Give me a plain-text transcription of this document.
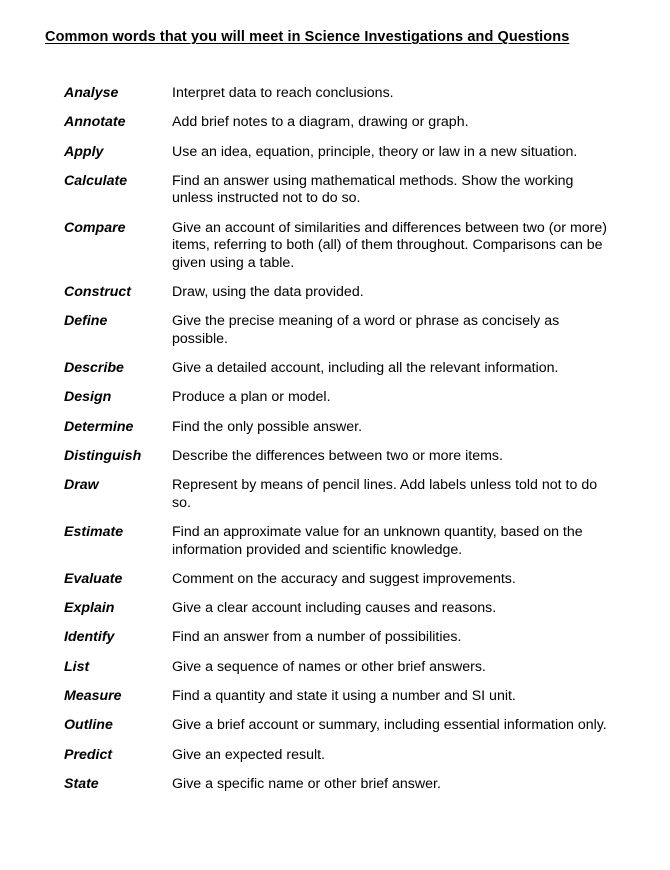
Common words that you will meet in Science Investigations and Questions
Analyse	Interpret data to reach conclusions.
Annotate	Add brief notes to a diagram, drawing or graph.
Apply	Use an idea, equation, principle, theory or law in a new situation.
Calculate	Find an answer using mathematical methods. Show the working unless instructed not to do so.
Compare	Give an account of similarities and differences between two (or more) items, referring to both (all) of them throughout. Comparisons can be given using a table.
Construct	Draw, using the data provided.
Define	Give the precise meaning of a word or phrase as concisely as possible.
Describe	Give a detailed account, including all the relevant information.
Design	Produce a plan or model.
Determine	Find the only possible answer.
Distinguish	Describe the differences between two or more items.
Draw	Represent by means of pencil lines. Add labels unless told not to do so.
Estimate	Find an approximate value for an unknown quantity, based on the information provided and scientific knowledge.
Evaluate	Comment on the accuracy and suggest improvements.
Explain	Give a clear account including causes and reasons.
Identify	Find an answer from a number of possibilities.
List	Give a sequence of names or other brief answers.
Measure	Find a quantity and state it using a number and SI unit.
Outline	Give a brief account or summary, including essential information only.
Predict	Give an expected result.
State	Give a specific name or other brief answer.
